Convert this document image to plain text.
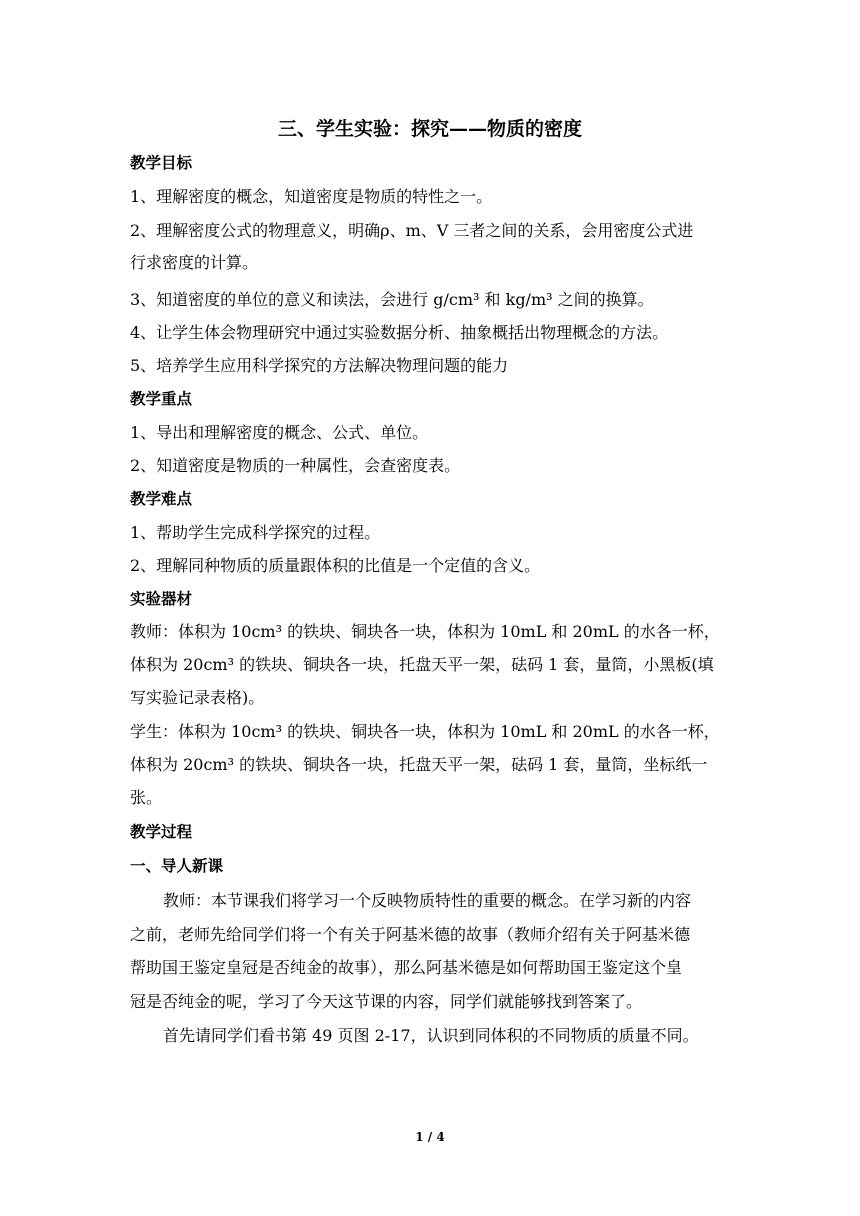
三、学生实验：探究——物质的密度
教学目标
1、理解密度的概念，知道密度是物质的特性之一。
2、理解密度公式的物理意义，明确ρ、m、V 三者之间的关系，会用密度公式进
行求密度的计算。
3、知道密度的单位的意义和读法，会进行 g/cm³ 和 kg/m³ 之间的换算。
4、让学生体会物理研究中通过实验数据分析、抽象概括出物理概念的方法。
5、培养学生应用科学探究的方法解决物理问题的能力
教学重点
1、导出和理解密度的概念、公式、单位。
2、知道密度是物质的一种属性，会查密度表。
教学难点
1、帮助学生完成科学探究的过程。
2、理解同种物质的质量跟体积的比值是一个定值的含义。
实验器材
教师：体积为 10cm³ 的铁块、铜块各一块，体积为 10mL 和 20mL 的水各一杯，
体积为 20cm³ 的铁块、铜块各一块，托盘天平一架，砝码 1 套，量筒，小黑板(填
写实验记录表格)。
学生：体积为 10cm³ 的铁块、铜块各一块，体积为 10mL 和 20mL 的水各一杯，
体积为 20cm³ 的铁块、铜块各一块，托盘天平一架，砝码 1 套，量筒，坐标纸一
张。
教学过程
一、导人新课
教师：本节课我们将学习一个反映物质特性的重要的概念。在学习新的内容
之前，老师先给同学们将一个有关于阿基米德的故事（教师介绍有关于阿基米德
帮助国王鉴定皇冠是否纯金的故事），那么阿基米德是如何帮助国王鉴定这个皇
冠是否纯金的呢，学习了今天这节课的内容，同学们就能够找到答案了。
首先请同学们看书第 49 页图 2-17，认识到同体积的不同物质的质量不同。
1 / 4
